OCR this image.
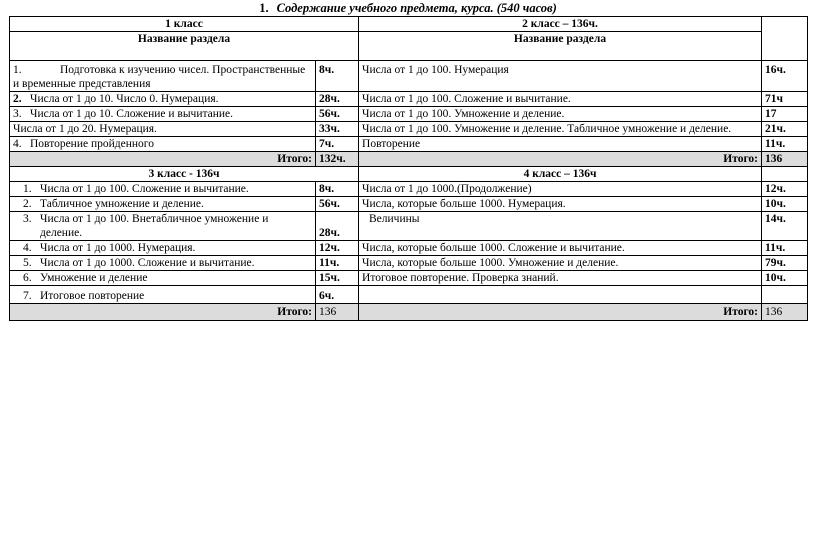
1. Содержание учебного предмета, курса. (540 часов)
1 класс		2 класс – 136ч.	
Название раздела		Название раздела	
1. Подготовка к изучению чисел. Пространственные и временные представления	8ч.	Числа от 1 до 100. Нумерация	16ч.
2. Числа от 1 до 10. Число 0. Нумерация.	28ч.	Числа от 1 до 100. Сложение и вычитание.	71ч
3. Числа от 1 до 10. Сложение и вычитание.	56ч.	Числа от 1 до 100. Умножение и деление.	17
Числа от 1 до 20. Нумерация.	33ч.	Числа от 1 до 100. Умножение и деление. Табличное умножение и деление.	21ч.
4. Повторение пройденного	7ч.	Повторение	11ч.
Итого:	132ч.	Итого:	136
3 класс - 136ч		4 класс – 136ч	
1. Числа от 1 до 100. Сложение и вычитание.	8ч.	Числа от 1 до 1000.(Продолжение)	12ч.
2. Табличное умножение и деление.	56ч.	Числа, которые больше 1000. Нумерация.	10ч.
3. Числа от 1 до 100. Внетабличное умножение и деление.	28ч.	Величины	14ч.
4. Числа от 1 до 1000. Нумерация.	12ч.	Числа, которые больше 1000. Сложение и вычитание.	11ч.
5. Числа от 1 до 1000. Сложение и вычитание.	11ч.	Числа, которые больше 1000. Умножение и деление.	79ч.
6. Умножение и деление	15ч.	Итоговое повторение. Проверка знаний.	10ч.
7. Итоговое повторение	6ч.		
Итого:	136	Итого:	136
